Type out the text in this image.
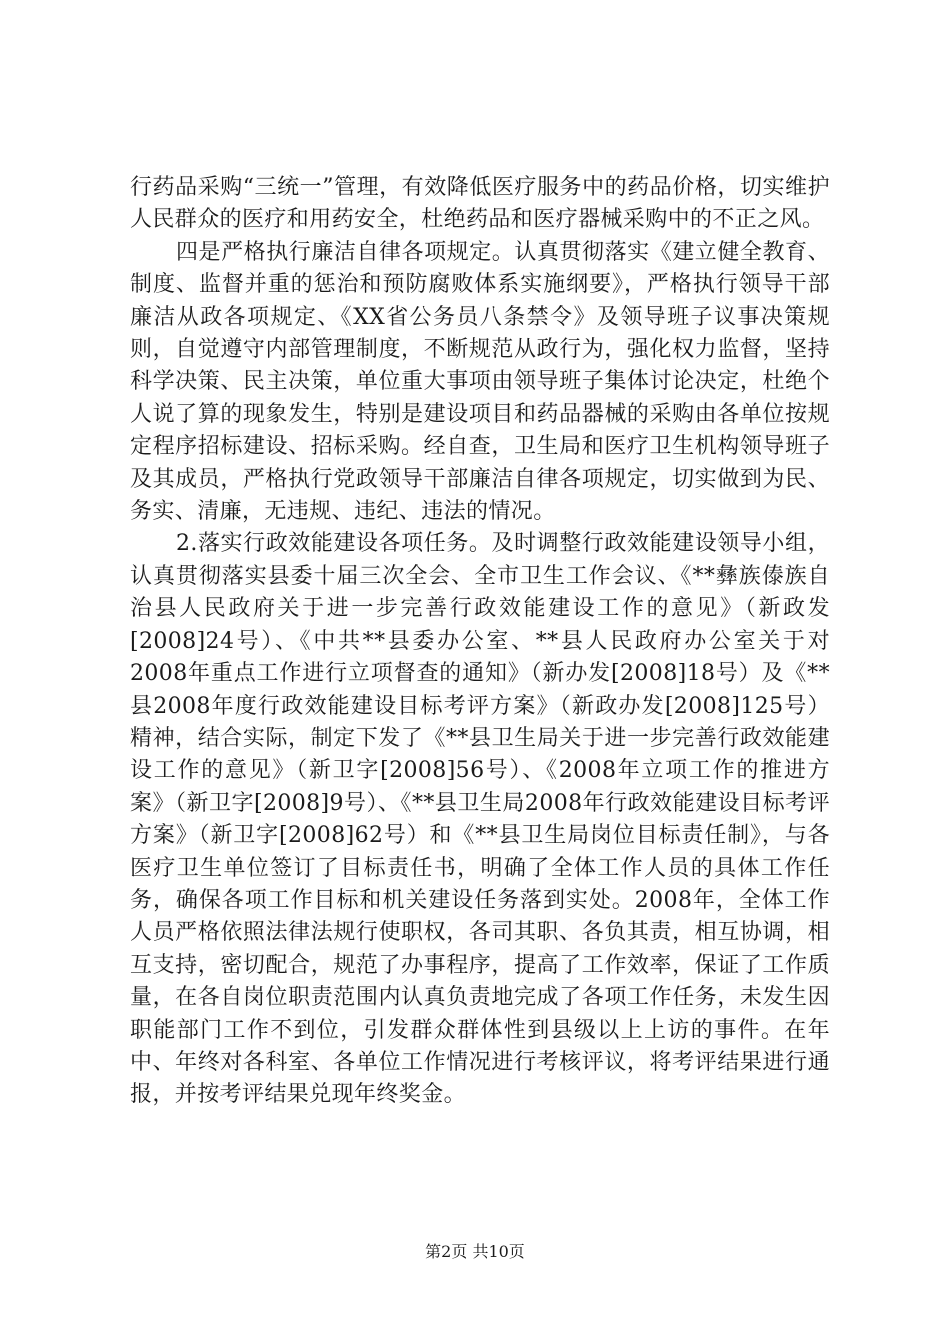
行药品采购“三统一”管理，有效降低医疗服务中的药品价格，切实维护人民群众的医疗和用药安全，杜绝药品和医疗器械采购中的不正之风。

四是严格执行廉洁自律各项规定。认真贯彻落实《建立健全教育、制度、监督并重的惩治和预防腐败体系实施纲要》，严格执行领导干部廉洁从政各项规定、《XX省公务员八条禁令》及领导班子议事决策规则，自觉遵守内部管理制度，不断规范从政行为，强化权力监督，坚持科学决策、民主决策，单位重大事项由领导班子集体讨论决定，杜绝个人说了算的现象发生，特别是建设项目和药品器械的采购由各单位按规定程序招标建设、招标采购。经自查，卫生局和医疗卫生机构领导班子及其成员，严格执行党政领导干部廉洁自律各项规定，切实做到为民、务实、清廉，无违规、违纪、违法的情况。

2.落实行政效能建设各项任务。及时调整行政效能建设领导小组，认真贯彻落实县委十届三次全会、全市卫生工作会议、《**彝族傣族自治县人民政府关于进一步完善行政效能建设工作的意见》（新政发[2008]24号）、《中共**县委办公室、**县人民政府办公室关于对2008年重点工作进行立项督查的通知》（新办发[2008]18号）及《**县2008年度行政效能建设目标考评方案》（新政办发[2008]125号）精神，结合实际，制定下发了《**县卫生局关于进一步完善行政效能建设工作的意见》（新卫字[2008]56号）、《2008年立项工作的推进方案》（新卫字[2008]9号）、《**县卫生局2008年行政效能建设目标考评方案》（新卫字[2008]62号）和《**县卫生局岗位目标责任制》，与各医疗卫生单位签订了目标责任书，明确了全体工作人员的具体工作任务，确保各项工作目标和机关建设任务落到实处。2008年，全体工作人员严格依照法律法规行使职权，各司其职、各负其责，相互协调，相互支持，密切配合，规范了办事程序，提高了工作效率，保证了工作质量，在各自岗位职责范围内认真负责地完成了各项工作任务，未发生因职能部门工作不到位，引发群众群体性到县级以上上访的事件。在年中、年终对各科室、各单位工作情况进行考核评议，将考评结果进行通报，并按考评结果兑现年终奖金。

第2页 共10页
